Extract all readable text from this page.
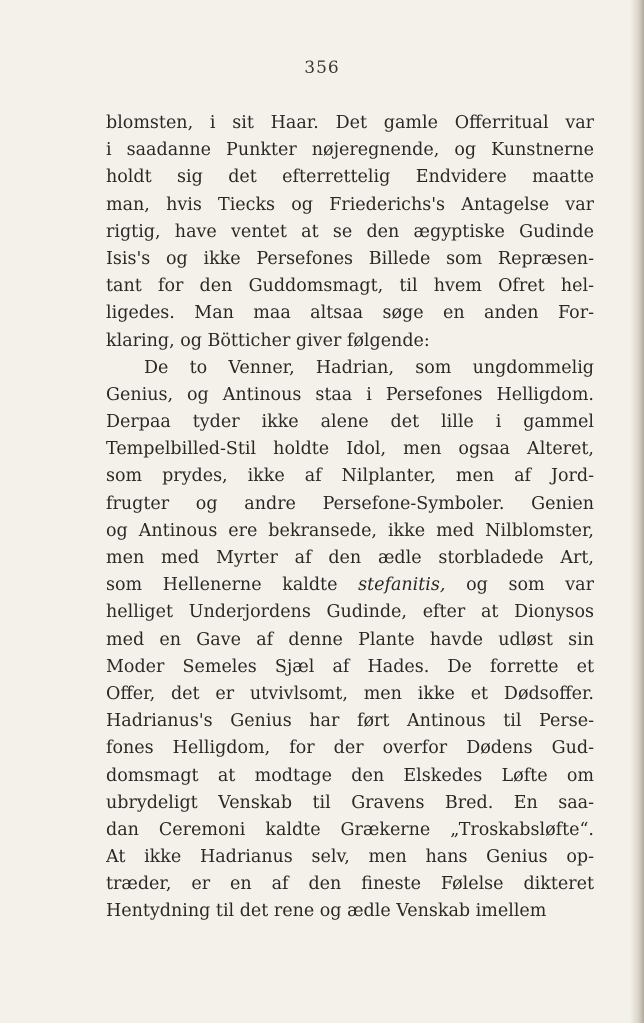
356
blomsten, i sit Haar. Det gamle Offerritual var
i saadanne Punkter nøjeregnende, og Kunstnerne
holdt sig det efterrettelig Endvidere maatte
man, hvis Tiecks og Friederichs's Antagelse var
rigtig, have ventet at se den ægyptiske Gudinde
Isis's og ikke Persefones Billede som Repræsen-
tant for den Guddomsmagt, til hvem Ofret hel-
ligedes. Man maa altsaa søge en anden For-
klaring, og Bötticher giver følgende:
De to Venner, Hadrian, som ungdommelig
Genius, og Antinous staa i Persefones Helligdom.
Derpaa tyder ikke alene det lille i gammel
Tempelbilled-Stil holdte Idol, men ogsaa Alteret,
som prydes, ikke af Nilplanter, men af Jord-
frugter og andre Persefone-Symboler. Genien
og Antinous ere bekransede, ikke med Nilblomster,
men med Myrter af den ædle storbladede Art,
som Hellenerne kaldte stefanitis, og som var
helliget Underjordens Gudinde, efter at Dionysos
med en Gave af denne Plante havde udløst sin
Moder Semeles Sjæl af Hades. De forrette et
Offer, det er utvivlsomt, men ikke et Dødsoffer.
Hadrianus's Genius har ført Antinous til Perse-
fones Helligdom, for der overfor Dødens Gud-
domsmagt at modtage den Elskedes Løfte om
ubrydeligt Venskab til Gravens Bred. En saa-
dan Ceremoni kaldte Grækerne „Troskabsløfte“.
At ikke Hadrianus selv, men hans Genius op-
træder, er en af den fineste Følelse dikteret
Hentydning til det rene og ædle Venskab imellem
